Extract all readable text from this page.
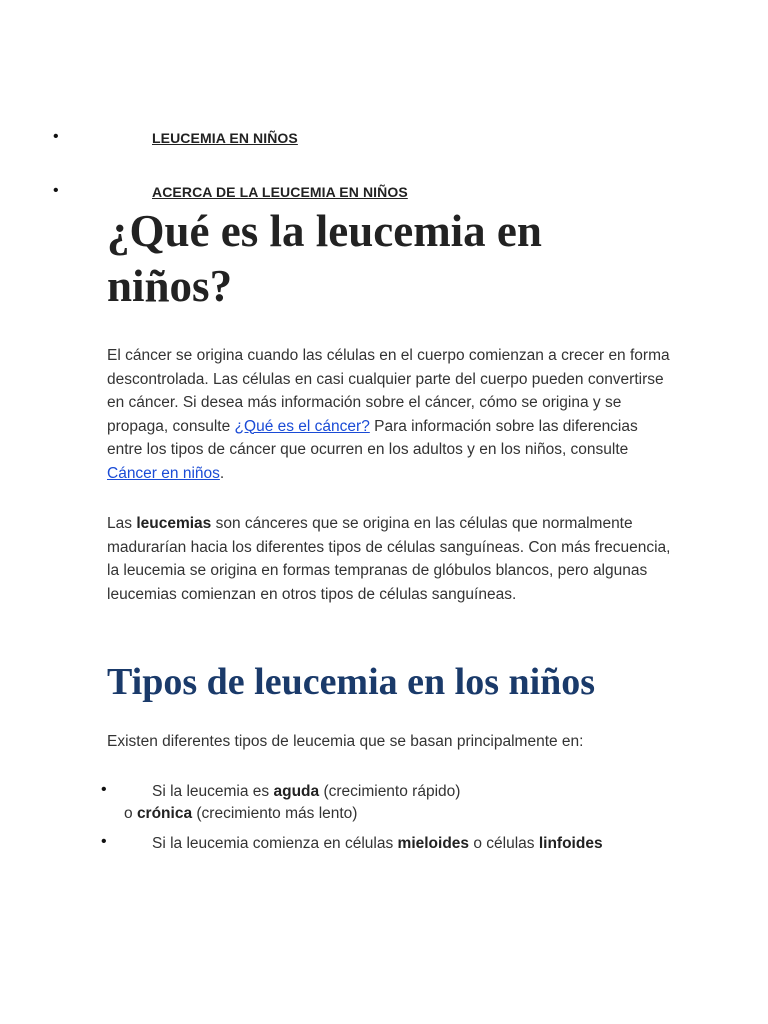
•	LEUCEMIA EN NIÑOS
•	ACERCA DE LA LEUCEMIA EN NIÑOS
¿Qué es la leucemia en niños?

El cáncer se origina cuando las células en el cuerpo comienzan a crecer en forma descontrolada. Las células en casi cualquier parte del cuerpo pueden convertirse en cáncer. Si desea más información sobre el cáncer, cómo se origina y se propaga, consulte ¿Qué es el cáncer? Para información sobre las diferencias entre los tipos de cáncer que ocurren en los adultos y en los niños, consulte Cáncer en niños.

Las leucemias son cánceres que se origina en las células que normalmente madurarían hacia los diferentes tipos de células sanguíneas. Con más frecuencia, la leucemia se origina en formas tempranas de glóbulos blancos, pero algunas leucemias comienzan en otros tipos de células sanguíneas.

Tipos de leucemia en los niños

Existen diferentes tipos de leucemia que se basan principalmente en:

•	Si la leucemia es aguda (crecimiento rápido)
o crónica (crecimiento más lento)
•	Si la leucemia comienza en células mieloides o células linfoides
